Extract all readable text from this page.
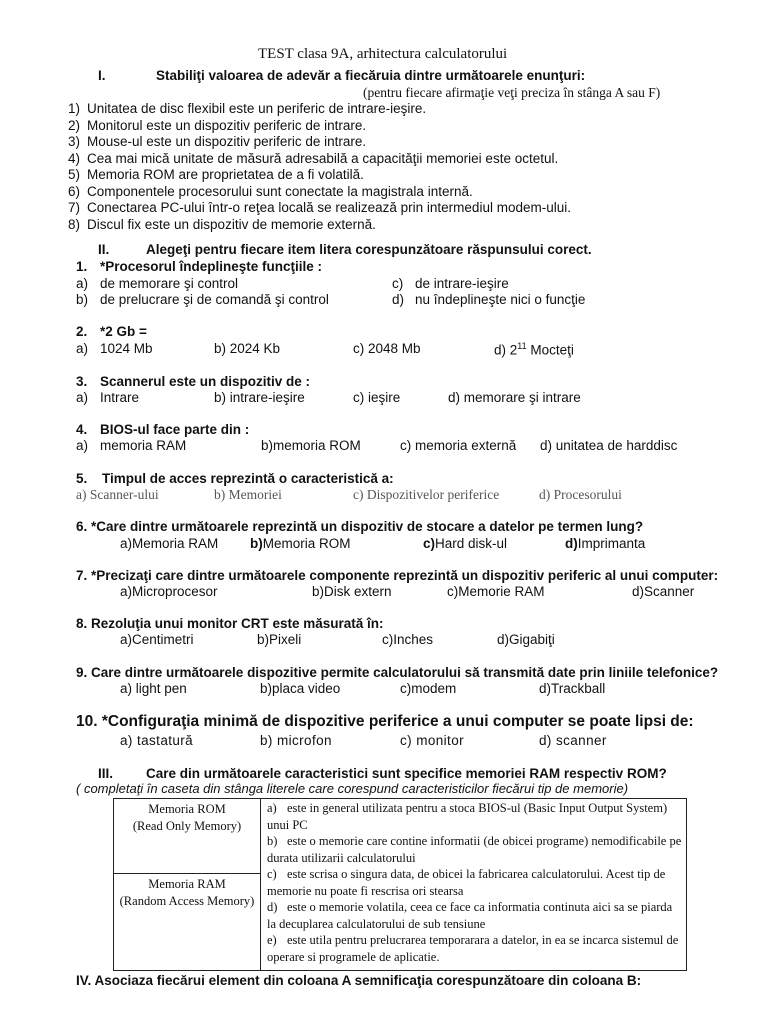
TEST clasa 9A, arhitectura calculatorului
I.	Stabiliţi valoarea de adevăr a fiecăruia dintre următoarele enunţuri:
(pentru fiecare afirmaţie veţi preciza în stânga A sau F)
1) Unitatea de disc flexibil este un periferic de intrare-ieşire.
2) Monitorul este un dispozitiv periferic de intrare.
3) Mouse-ul este un dispozitiv periferic de intrare.
4) Cea mai mică unitate de măsură adresabilă a capacităţii memoriei este octetul.
5) Memoria ROM are proprietatea de a fi volatilă.
6) Componentele procesorului sunt conectate la magistrala internă.
7) Conectarea PC-ului într-o reţea locală se realizează prin intermediul modem-ului.
8) Discul fix este un dispozitiv de memorie externă.
II.	Alegeţi pentru fiecare item litera corespunzătoare răspunsului corect.
1. *Procesorul îndeplineşte funcţiile :
a) de memorare şi control
b) de prelucrare şi de comandă şi control
c) de intrare-ieşire
d) nu îndeplineşte nici o funcţie
2. *2 Gb =
a) 1024 Mb	b) 2024 Kb	c) 2048 Mb	d) $2^{11}$ Mocteţi
3. Scannerul este un dispozitiv de :
a) Intrare	b) intrare-ieşire	c) ieşire	d) memorare şi intrare
4. BIOS-ul face parte din :
a) memoria RAM	b)memoria ROM	c) memoria externă d) unitatea de harddisc
5. Timpul de acces reprezintă o caracteristică a:
a) Scanner-ului	b) Memoriei	c) Dispozitivelor periferice	d) Procesorului
6. *Care dintre următoarele reprezintă un dispozitiv de stocare a datelor pe termen lung?
a)Memoria RAM b)Memoria ROM	c)Hard disk-ul	d)Imprimanta
7. *Precizaţi care dintre următoarele componente reprezintă un dispozitiv periferic al unui computer:
a)Microprocesor	b)Disk extern	c)Memorie RAM	d)Scanner
8. Rezoluţia unui monitor CRT este măsurată în:
a)Centimetri	b)Pixeli	c)Inches	d)Gigabiţi
9. Care dintre următoarele dispozitive permite calculatorului să transmită date prin liniile telefonice?
a) light pen	b)placa video	c)modem	d)Trackball
10. *Configuraţia minimă de dispozitive periferice a unui computer se poate lipsi de:
a) tastatură	b) microfon	c) monitor	d) scanner
III. Care din următoarele caracteristici sunt specifice memoriei RAM respectiv ROM?
( completaţi în caseta din stânga literele care corespund caracteristicilor fiecărui tip de memorie)
Memoria ROM
(Read Only Memory)

a) este in general utilizata pentru a stoca BIOS-ul (Basic Input Output System) unui PC
b) este o memorie care contine informatii (de obicei programe) nemodificabile pe durata utilizarii calculatorului
c) este scrisa o singura data, de obicei la fabricarea calculatorului. Acest tip de memorie nu poate fi rescrisa ori stearsa
d) este o memorie volatila, ceea ce face ca informatia continuta aici sa se piarda la decuplarea calculatorului de sub tensiune
e) este utila pentru prelucrarea temporarara a datelor, in ea se incarca sistemul de operare si programele de aplicatie.

Memoria RAM
(Random Access Memory)
IV. Asociaza fiecărui element din coloana A semnificaţia corespunzătoare din coloana B:
